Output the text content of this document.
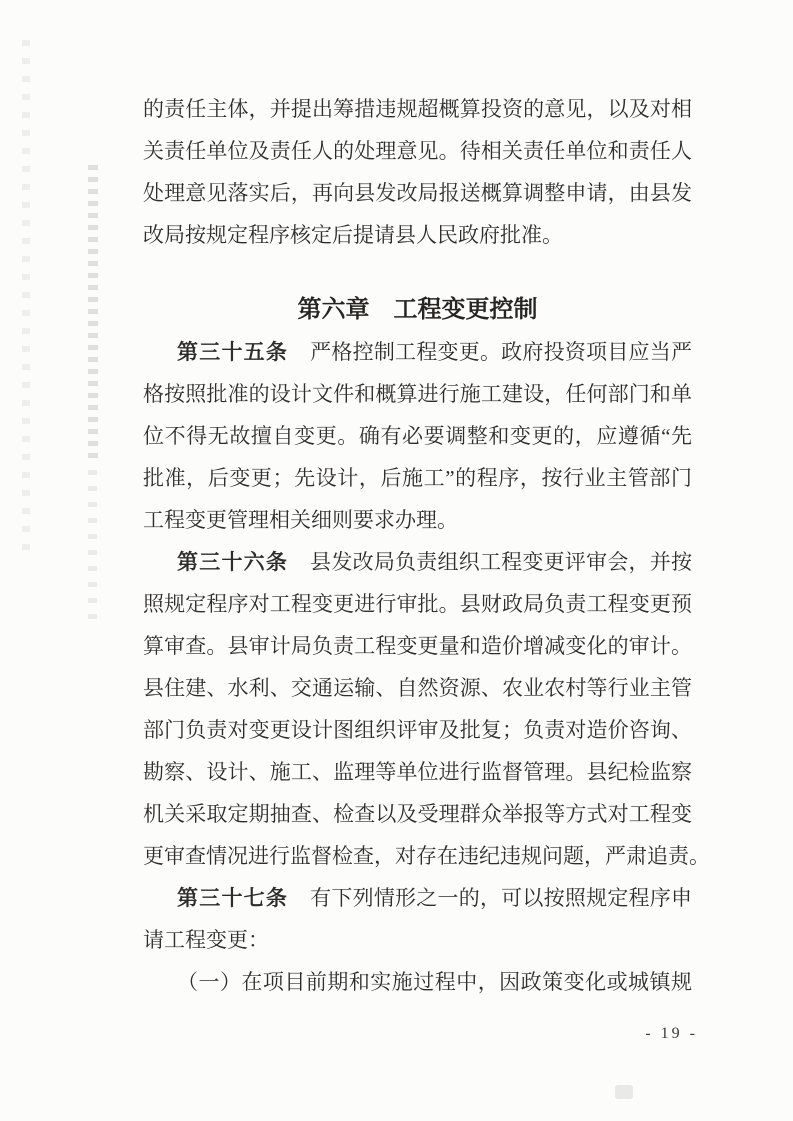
的责任主体，并提出筹措违规超概算投资的意见，以及对相
关责任单位及责任人的处理意见。待相关责任单位和责任人
处理意见落实后，再向县发改局报送概算调整申请，由县发
改局按规定程序核定后提请县人民政府批准。
第六章　工程变更控制
第三十五条 严格控制工程变更。政府投资项目应当严
格按照批准的设计文件和概算进行施工建设，任何部门和单
位不得无故擅自变更。确有必要调整和变更的，应遵循“先
批准，后变更；先设计，后施工”的程序，按行业主管部门
工程变更管理相关细则要求办理。
第三十六条 县发改局负责组织工程变更评审会，并按
照规定程序对工程变更进行审批。县财政局负责工程变更预
算审查。县审计局负责工程变更量和造价增减变化的审计。
县住建、水利、交通运输、自然资源、农业农村等行业主管
部门负责对变更设计图组织评审及批复；负责对造价咨询、
勘察、设计、施工、监理等单位进行监督管理。县纪检监察
机关采取定期抽查、检查以及受理群众举报等方式对工程变
更审查情况进行监督检查，对存在违纪违规问题，严肃追责。
第三十七条 有下列情形之一的，可以按照规定程序申
请工程变更：
（一）在项目前期和实施过程中，因政策变化或城镇规
- 19 -
